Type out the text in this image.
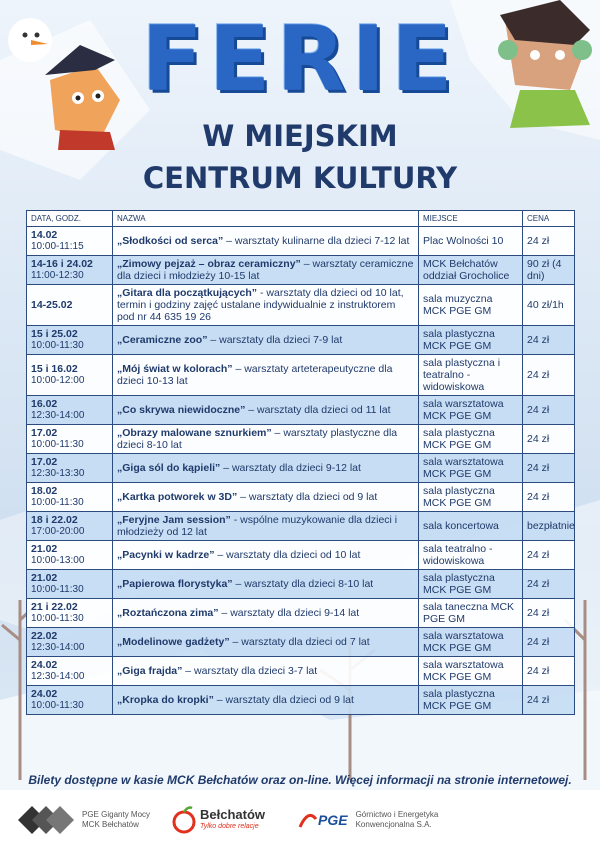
FERIE
W MIEJSKIM
CENTRUM KULTURY
DATA, GODZ.	NAZWA	MIEJSCE	CENA

14.02
10:00-11:15	„Słodkości od serca” – warsztaty kulinarne dla dzieci 7-12 lat	Plac Wolności 10	24 zł

14-16 i 24.02
11:00-12:30	„Zimowy pejzaż – obraz ceramiczny” – warsztaty ceramiczne dla dzieci i młodzieży 10-15 lat	MCK Bełchatów oddział Grocholice	90 zł (4 dni)

14-25.02	„Gitara dla początkujących” - warsztaty dla dzieci od 10 lat, termin i godziny zajęć ustalane indywidualnie z instruktorem pod nr 44 635 19 26	sala muzyczna MCK PGE GM	40 zł/1h

15 i 25.02
10:00-11:30	„Ceramiczne zoo” – warsztaty dla dzieci 7-9 lat	sala plastyczna MCK PGE GM	24 zł

15 i 16.02
10:00-12:00	„Mój świat w kolorach” – warsztaty arteterapeutyczne dla dzieci 10-13 lat	sala plastyczna i teatralno -widowiskowa	24 zł

16.02
12:30-14:00	„Co skrywa niewidoczne” – warsztaty dla dzieci od 11 lat	sala warsztatowa MCK PGE GM	24 zł

17.02
10:00-11:30	„Obrazy malowane sznurkiem” – warsztaty plastyczne dla dzieci 8-10 lat	sala plastyczna MCK PGE GM	24 zł

17.02
12:30-13:30	„Giga sól do kąpieli” – warsztaty dla dzieci 9-12 lat	sala warsztatowa MCK PGE GM	24 zł

18.02
10:00-11:30	„Kartka potworek w 3D” – warsztaty dla dzieci od 9 lat	sala plastyczna MCK PGE GM	24 zł

18 i 22.02
17:00-20:00	„Feryjne Jam session” - wspólne muzykowanie dla dzieci i młodzieży od 12 lat	sala koncertowa	bezpłatnie

21.02
10:00-13:00	„Pacynki w kadrze” – warsztaty dla dzieci od 10 lat	sala teatralno -widowiskowa	24 zł

21.02
10:00-11:30	„Papierowa florystyka” – warsztaty dla dzieci 8-10 lat	sala plastyczna MCK PGE GM	24 zł

21 i 22.02
10:00-11:30	„Roztańczona zima” – warsztaty dla dzieci 9-14 lat	sala taneczna MCK PGE GM	24 zł

22.02
12:30-14:00	„Modelinowe gadżety” – warsztaty dla dzieci od 7 lat	sala warsztatowa MCK PGE GM	24 zł

24.02
12:30-14:00	„Giga frajda” – warsztaty dla dzieci 3-7 lat	sala warsztatowa MCK PGE GM	24 zł

24.02
10:00-11:30	„Kropka do kropki” – warsztaty dla dzieci od 9 lat	sala plastyczna MCK PGE GM	24 zł
Bilety dostępne w kasie MCK Bełchatów oraz on-line. Więcej informacji na stronie internetowej.
PGE Giganty Mocy
MCK Bełchatów
Bełchatów
Tylko dobre relacje	PGE Górnictwo i Energetyka
Konwencjonalna S.A.
